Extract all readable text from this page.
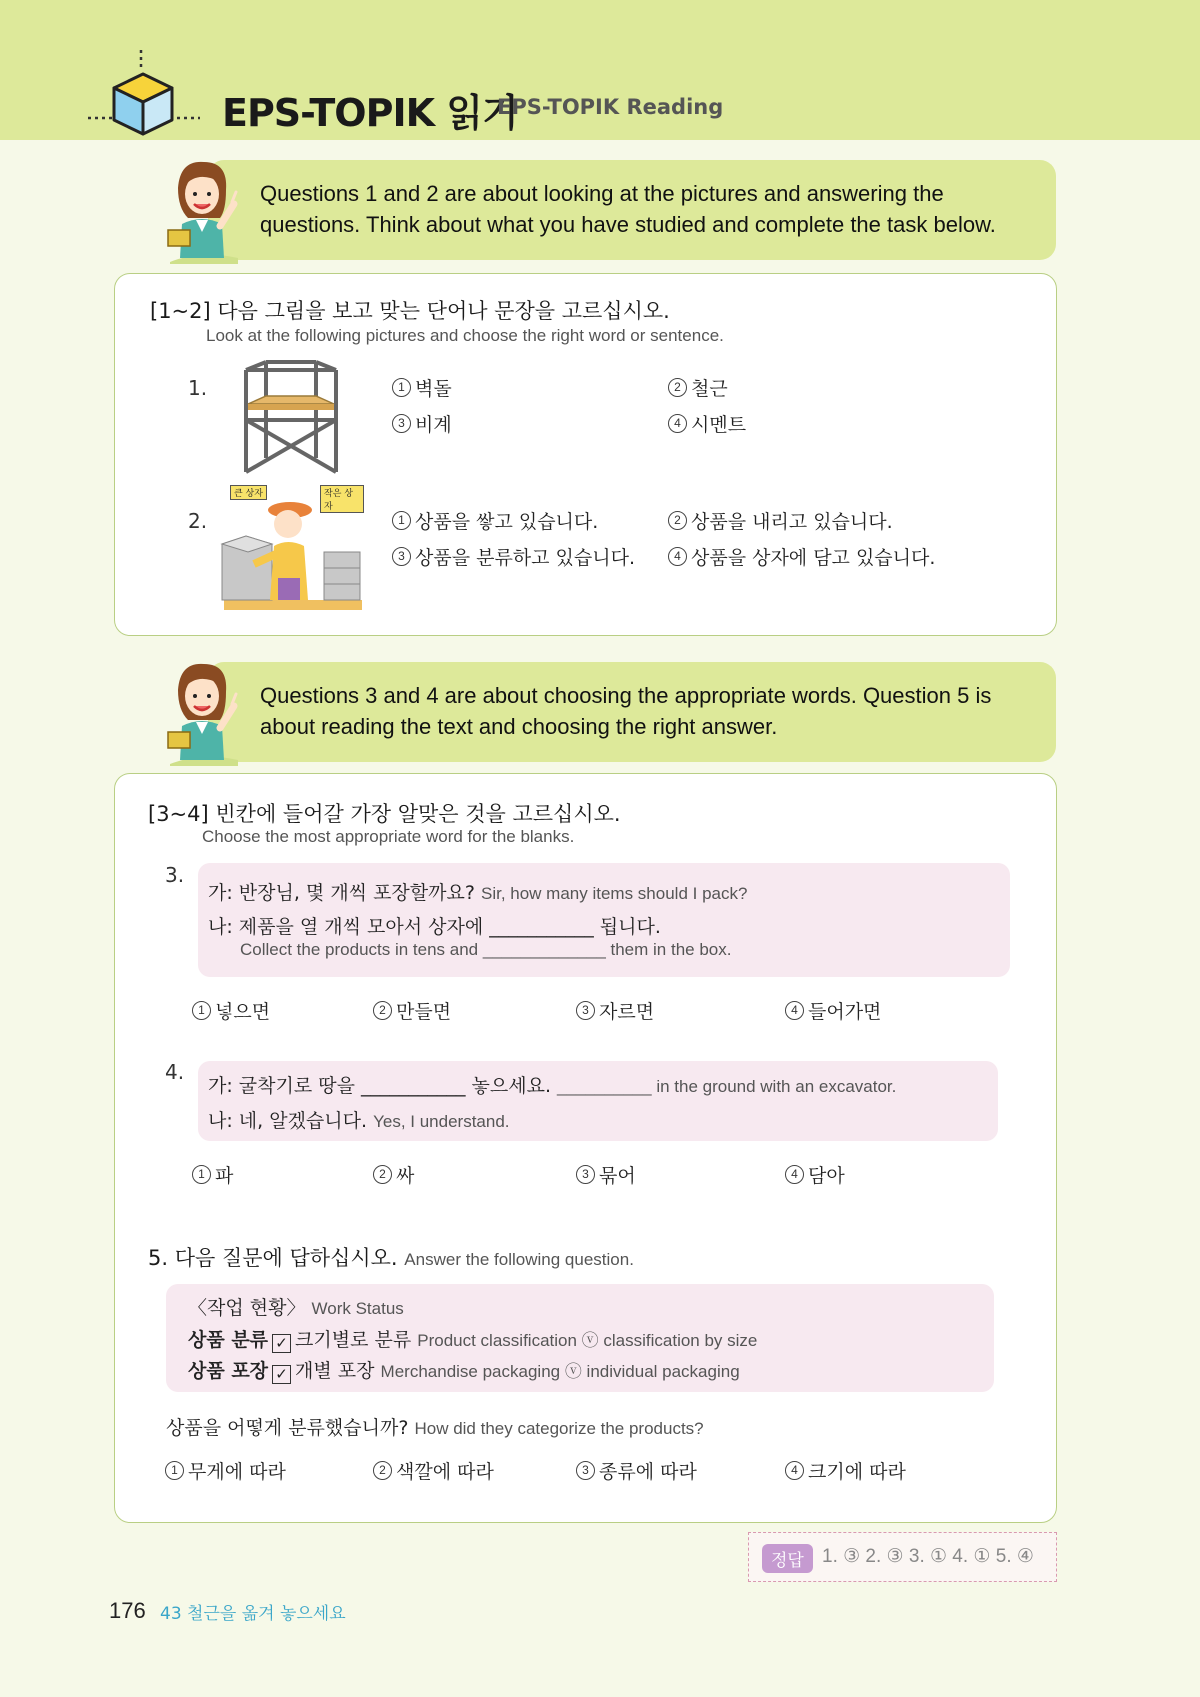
EPS-TOPIK 읽기
EPS-TOPIK Reading
Questions 1 and 2 are about looking at the pictures and answering the
questions. Think about what you have studied and complete the task below.
[1~2] 다음 그림을 보고 맞는 단어나 문장을 고르십시오.
Look at the following pictures and choose the right word or sentence.
1.	1 벽돌	2 철근
3 비계	4 시멘트
2.
큰 상자	작은 상자
1 상품을 쌓고 있습니다.	2 상품을 내리고 있습니다.
3 상품을 분류하고 있습니다.	4 상품을 상자에 담고 있습니다.
Questions 3 and 4 are about choosing the appropriate words. Question 5 is
about reading the text and choosing the right answer.
[3~4] 빈칸에 들어갈 가장 알맞은 것을 고르십시오.
Choose the most appropriate word for the blanks.
3.
가: 반장님, 몇 개씩 포장할까요? Sir, how many items should I pack?
나: 제품을 열 개씩 모아서 상자에 ___________ 됩니다.
Collect the products in tens and _____________ them in the box.
1 넣으면	2 만들면	3 자르면	4 들어가면
4.
가: 굴착기로 땅을 ___________ 놓으세요. __________ in the ground with an excavator.
나: 네, 알겠습니다. Yes, I understand.
1 파	2 싸	3 묶어	4 담아
5. 다음 질문에 답하십시오. Answer the following question.
〈작업 현황〉 Work Status
상품 분류 ✓ 크기별로 분류 Product classification ⓥ classification by size
상품 포장 ✓ 개별 포장 Merchandise packaging ⓥ individual packaging
상품을 어떻게 분류했습니까? How did they categorize the products?
1 무게에 따라	2 색깔에 따라	3 종류에 따라	4 크기에 따라
정답 1. ③ 2. ③ 3. ① 4. ① 5. ④
176 43 철근을 옮겨 놓으세요
